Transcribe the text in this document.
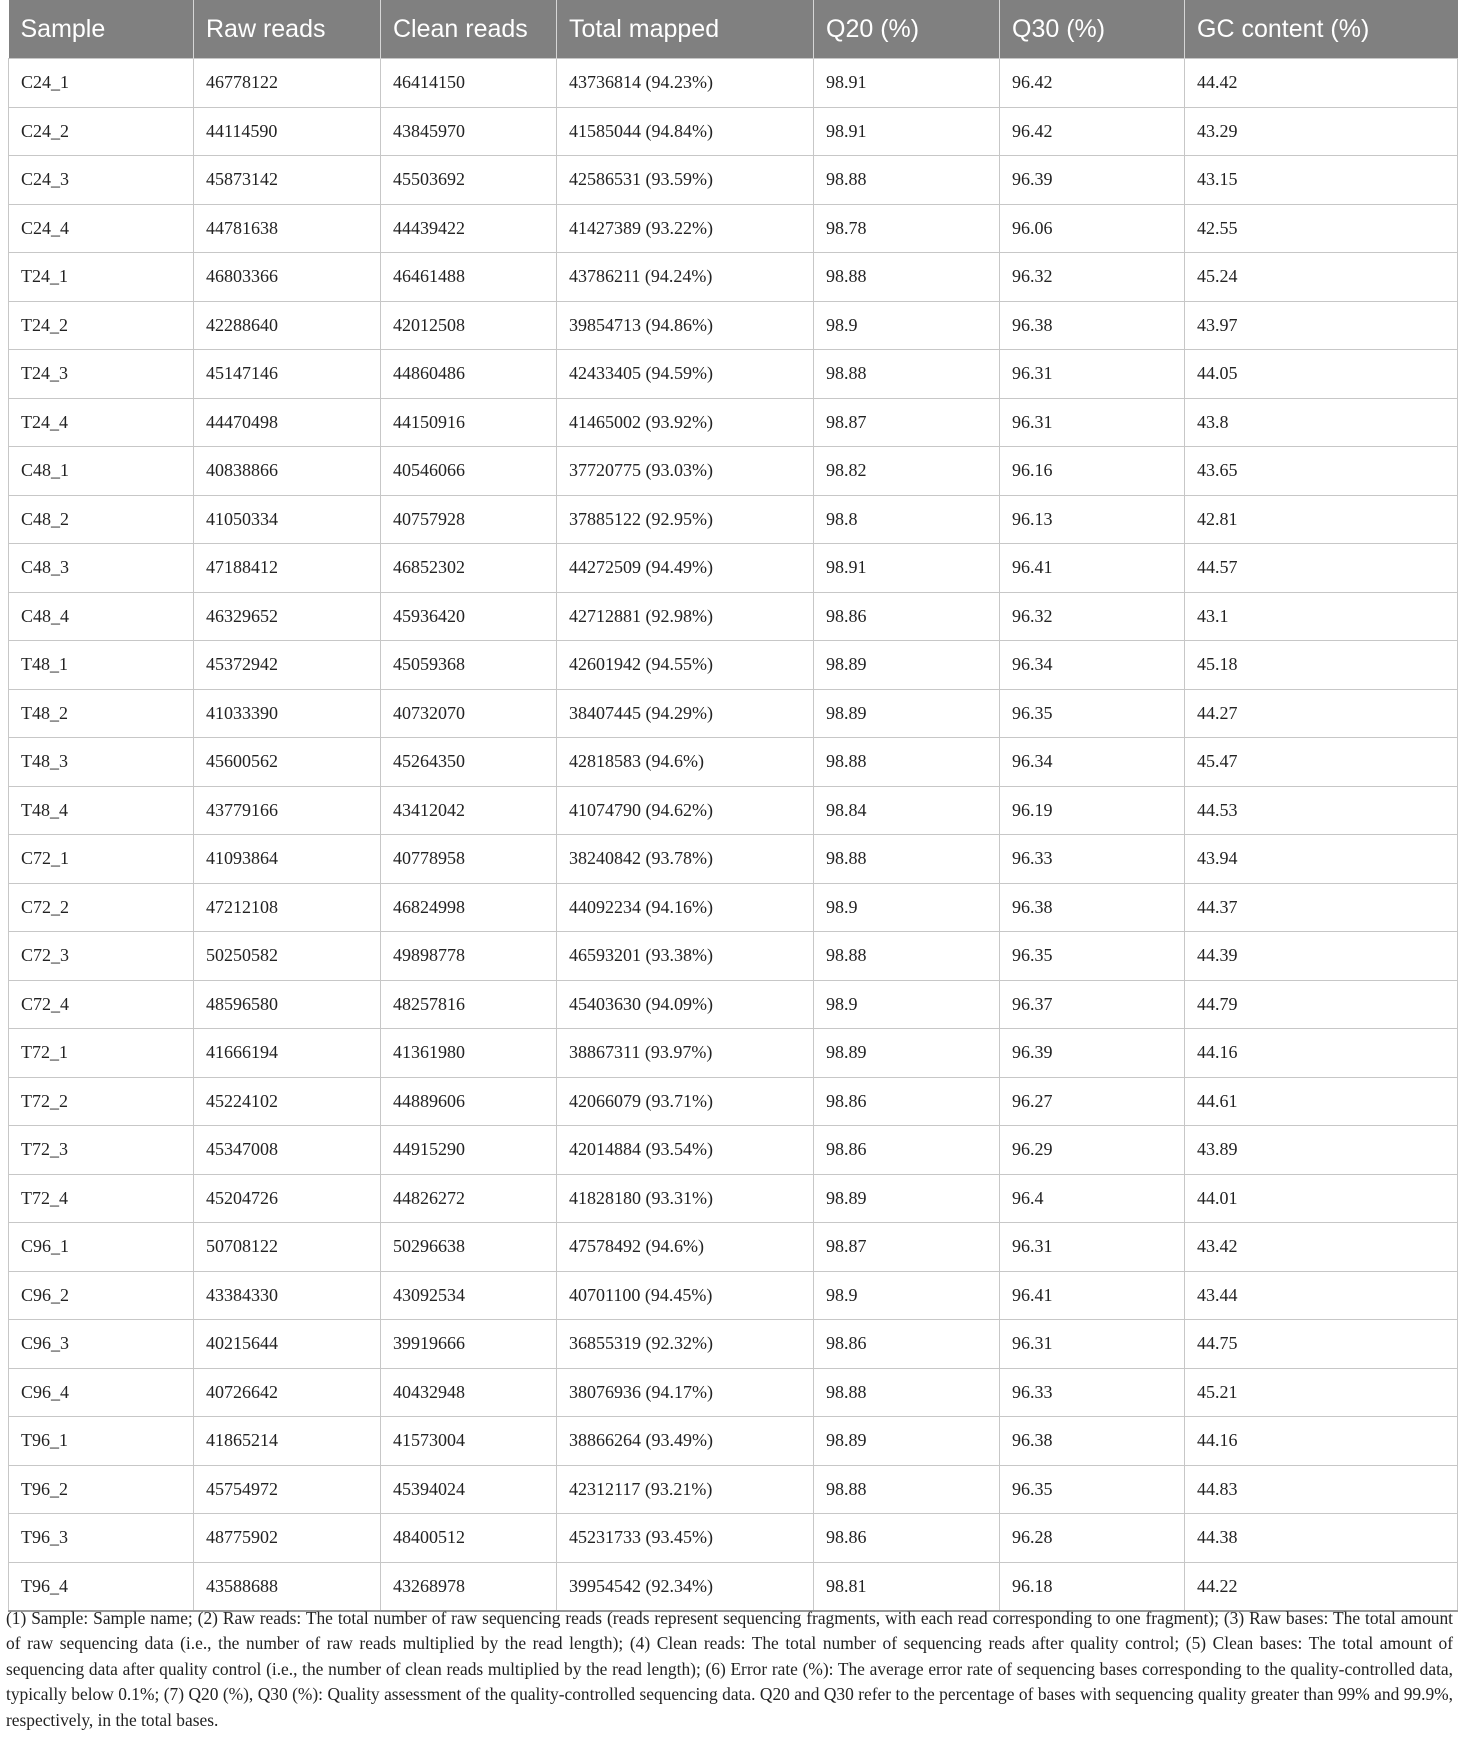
Sample	Raw reads	Clean reads	Total mapped	Q20 (%)	Q30 (%)	GC content (%)
C24_1	46778122	46414150	43736814 (94.23%)	98.91	96.42	44.42
C24_2	44114590	43845970	41585044 (94.84%)	98.91	96.42	43.29
C24_3	45873142	45503692	42586531 (93.59%)	98.88	96.39	43.15
C24_4	44781638	44439422	41427389 (93.22%)	98.78	96.06	42.55
T24_1	46803366	46461488	43786211 (94.24%)	98.88	96.32	45.24
T24_2	42288640	42012508	39854713 (94.86%)	98.9	96.38	43.97
T24_3	45147146	44860486	42433405 (94.59%)	98.88	96.31	44.05
T24_4	44470498	44150916	41465002 (93.92%)	98.87	96.31	43.8
C48_1	40838866	40546066	37720775 (93.03%)	98.82	96.16	43.65
C48_2	41050334	40757928	37885122 (92.95%)	98.8	96.13	42.81
C48_3	47188412	46852302	44272509 (94.49%)	98.91	96.41	44.57
C48_4	46329652	45936420	42712881 (92.98%)	98.86	96.32	43.1
T48_1	45372942	45059368	42601942 (94.55%)	98.89	96.34	45.18
T48_2	41033390	40732070	38407445 (94.29%)	98.89	96.35	44.27
T48_3	45600562	45264350	42818583 (94.6%)	98.88	96.34	45.47
T48_4	43779166	43412042	41074790 (94.62%)	98.84	96.19	44.53
C72_1	41093864	40778958	38240842 (93.78%)	98.88	96.33	43.94
C72_2	47212108	46824998	44092234 (94.16%)	98.9	96.38	44.37
C72_3	50250582	49898778	46593201 (93.38%)	98.88	96.35	44.39
C72_4	48596580	48257816	45403630 (94.09%)	98.9	96.37	44.79
T72_1	41666194	41361980	38867311 (93.97%)	98.89	96.39	44.16
T72_2	45224102	44889606	42066079 (93.71%)	98.86	96.27	44.61
T72_3	45347008	44915290	42014884 (93.54%)	98.86	96.29	43.89
T72_4	45204726	44826272	41828180 (93.31%)	98.89	96.4	44.01
C96_1	50708122	50296638	47578492 (94.6%)	98.87	96.31	43.42
C96_2	43384330	43092534	40701100 (94.45%)	98.9	96.41	43.44
C96_3	40215644	39919666	36855319 (92.32%)	98.86	96.31	44.75
C96_4	40726642	40432948	38076936 (94.17%)	98.88	96.33	45.21
T96_1	41865214	41573004	38866264 (93.49%)	98.89	96.38	44.16
T96_2	45754972	45394024	42312117 (93.21%)	98.88	96.35	44.83
T96_3	48775902	48400512	45231733 (93.45%)	98.86	96.28	44.38
T96_4	43588688	43268978	39954542 (92.34%)	98.81	96.18	44.22
(1) Sample: Sample name; (2) Raw reads: The total number of raw sequencing reads (reads represent sequencing fragments, with each read corresponding to one fragment); (3) Raw bases: The total amount of raw sequencing data (i.e., the number of raw reads multiplied by the read length); (4) Clean reads: The total number of sequencing reads after quality control; (5) Clean bases: The total amount of sequencing data after quality control (i.e., the number of clean reads multiplied by the read length); (6) Error rate (%): The average error rate of sequencing bases corresponding to the quality-controlled data, typically below 0.1%; (7) Q20 (%), Q30 (%): Quality assessment of the quality-controlled sequencing data. Q20 and Q30 refer to the percentage of bases with sequencing quality greater than 99% and 99.9%, respectively, in the total bases.
